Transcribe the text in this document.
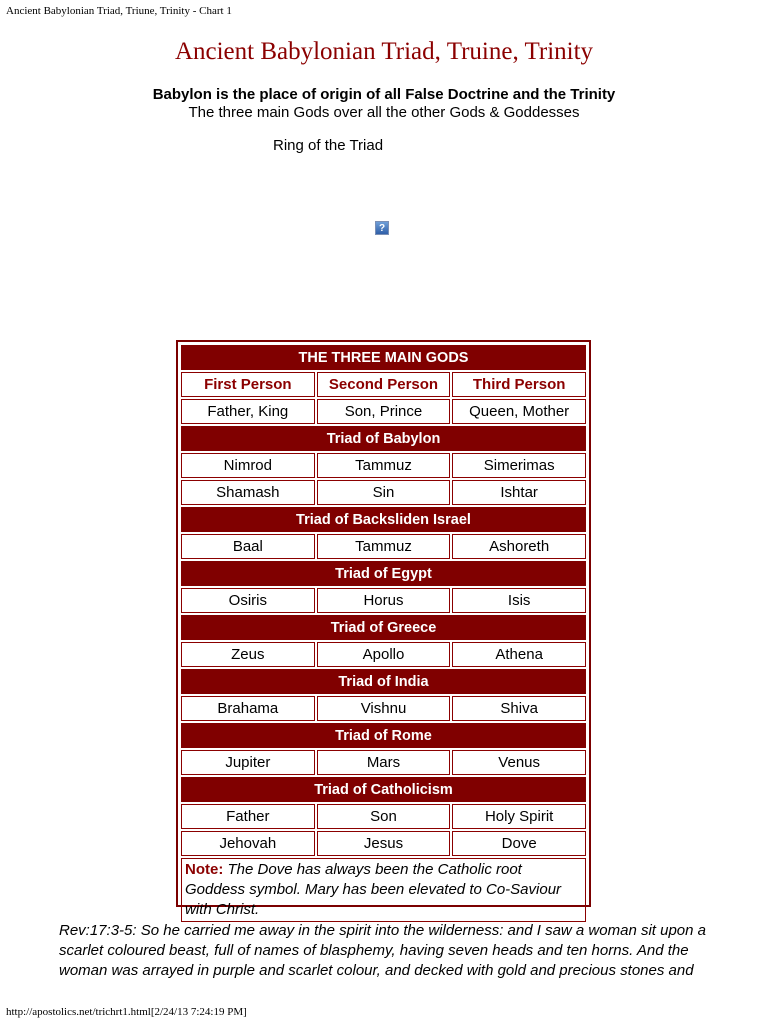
Ancient Babylonian Triad, Triune, Trinity - Chart 1
Ancient Babylonian Triad, Truine, Trinity
Babylon is the place of origin of all False Doctrine and the Trinity
The three main Gods over all the other Gods & Goddesses
Ring of the Triad
?
THE THREE MAIN GODS		
First Person	Second Person	Third Person
Father, King	Son, Prince	Queen, Mother
Triad of Babylon		
Nimrod	Tammuz	Simerimas
Shamash	Sin	Ishtar
Triad of Backsliden Israel		
Baal	Tammuz	Ashoreth
Triad of Egypt		
Osiris	Horus	Isis
Triad of Greece		
Zeus	Apollo	Athena
Triad of India		
Brahama	Vishnu	Shiva
Triad of Rome		
Jupiter	Mars	Venus
Triad of Catholicism		
Father	Son	Holy Spirit
Jehovah	Jesus	Dove
Note: The Dove has always been the Catholic root Goddess symbol. Mary has been elevated to Co-Saviour with Christ.		
Rev:17:3-5: So he carried me away in the spirit into the wilderness: and I saw a woman sit upon a scarlet coloured beast, full of names of blasphemy, having seven heads and ten horns. And the woman was arrayed in purple and scarlet colour, and decked with gold and precious stones and
http://apostolics.net/trichrt1.html[2/24/13 7:24:19 PM]
